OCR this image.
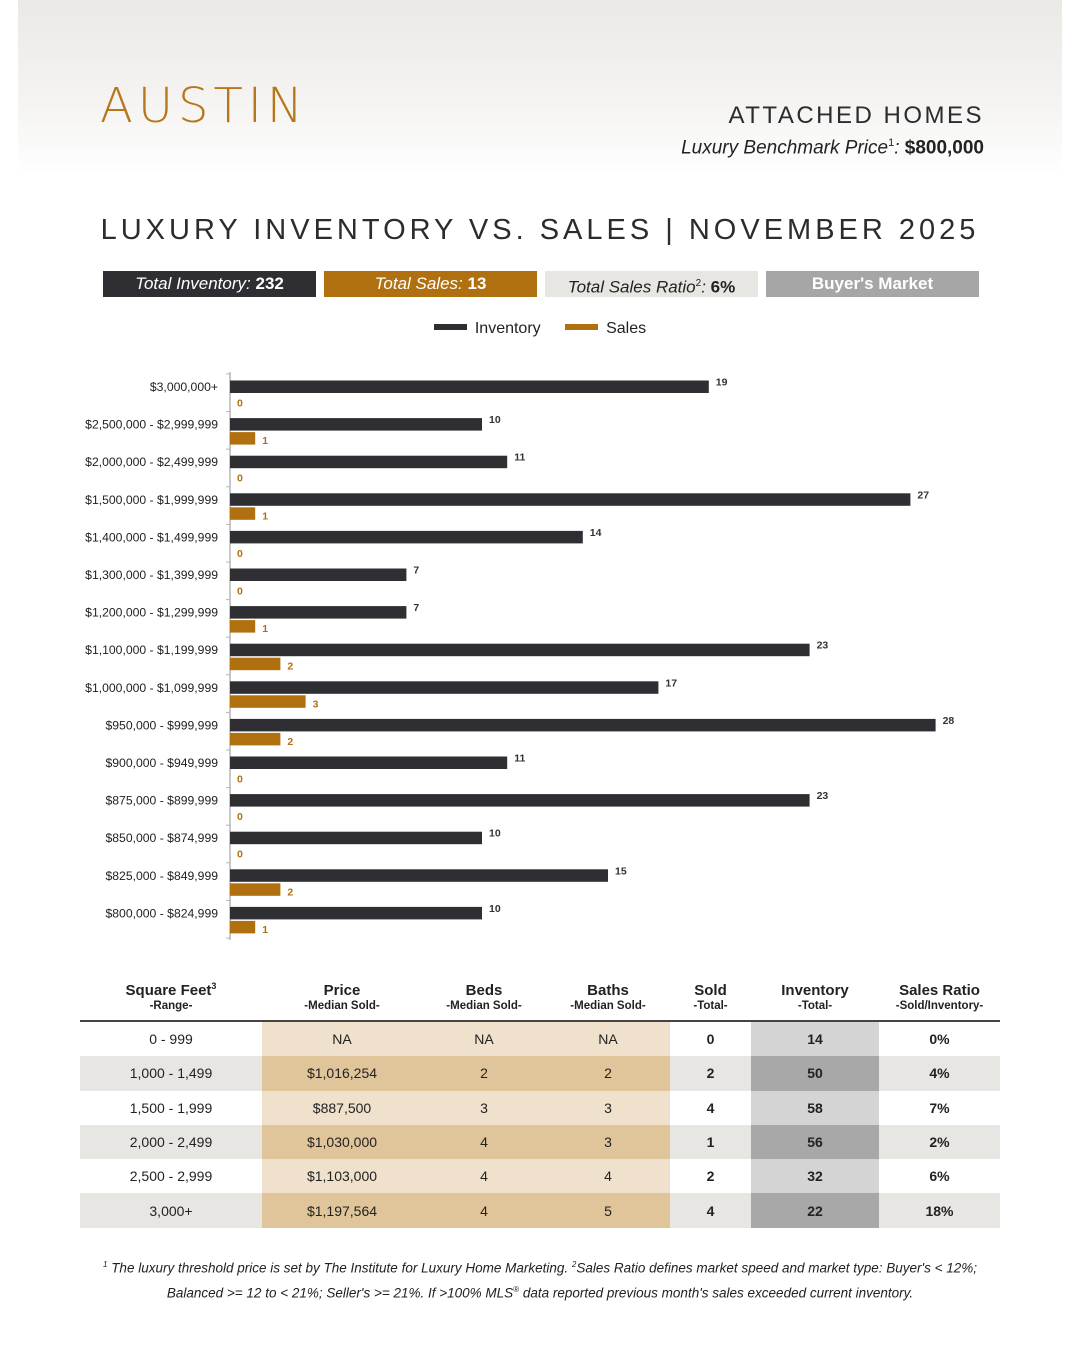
AUSTIN	ATTACHED HOMES
Luxury Benchmark Price$^1$: $800,000
LUXURY INVENTORY VS. SALES | NOVEMBER 2025
Total Inventory: 232	Total Sales: 13	Total Sales Ratio$^2$: 6%	Buyer's Market
Inventory	Sales
$3,000,000+	19
0
$2,500,000 - $2,999,999	10
1
$2,000,000 - $2,499,999	11
0
$1,500,000 - $1,999,999	27
1
$1,400,000 - $1,499,999	14
0
$1,300,000 - $1,399,999	7
0
$1,200,000 - $1,299,999	7
1
$1,100,000 - $1,199,999	23
2
$1,000,000 - $1,099,999	17
3
$950,000 - $999,999	28
2
$900,000 - $949,999	11
0
$875,000 - $899,999	23
0
$850,000 - $874,999	10
0
$825,000 - $849,999	15
2
$800,000 - $824,999	10
1
Square Feet$^3$	Price	Beds	Baths	Sold	Inventory	Sales Ratio
-Range-	-Median Sold-	-Median Sold-	-Median Sold-	-Total-	-Total-	-Sold/Inventory-
0 - 999	NA	NA	NA	0	14	0%
1,000 - 1,499	$1,016,254	2	2	2	50	4%
1,500 - 1,999	$887,500	3	3	4	58	7%
2,000 - 2,499	$1,030,000	4	3	1	56	2%
2,500 - 2,999	$1,103,000	4	4	2	32	6%
3,000+	$1,197,564	4	5	4	22	18%
$^1$ The luxury threshold price is set by The Institute for Luxury Home Marketing. $^2$Sales Ratio defines market speed and market type: Buyer's < 12%;
Balanced >= 12 to < 21%; Seller's >= 21%. If >100% MLS® data reported previous month's sales exceeded current inventory.
